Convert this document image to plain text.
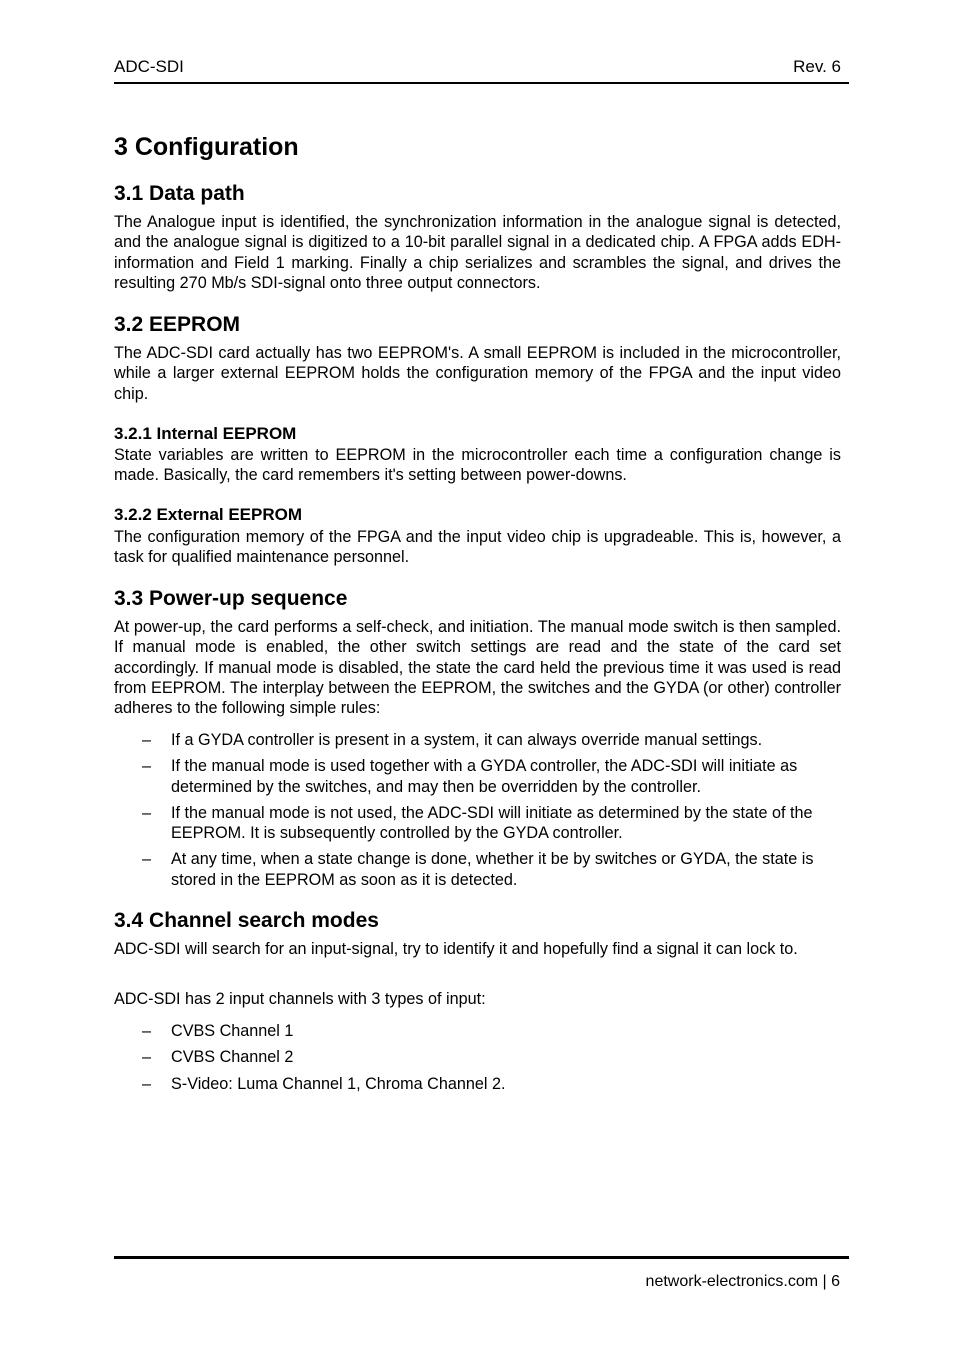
ADC-SDI	Rev. 6
3 Configuration
3.1 Data path

The Analogue input is identified, the synchronization information in the analogue signal is detected, and the analogue signal is digitized to a 10-bit parallel signal in a dedicated chip. A FPGA adds EDH-information and Field 1 marking. Finally a chip serializes and scrambles the signal, and drives the resulting 270 Mb/s SDI-signal onto three output connectors.

3.2 EEPROM

The ADC-SDI card actually has two EEPROM's. A small EEPROM is included in the microcontroller, while a larger external EEPROM holds the configuration memory of the FPGA and the input video chip.

3.2.1 Internal EEPROM

State variables are written to EEPROM in the microcontroller each time a configuration change is made. Basically, the card remembers it's setting between power-downs.

3.2.2 External EEPROM

The configuration memory of the FPGA and the input video chip is upgradeable. This is, however, a task for qualified maintenance personnel.

3.3 Power-up sequence

At power-up, the card performs a self-check, and initiation. The manual mode switch is then sampled. If manual mode is enabled, the other switch settings are read and the state of the card set accordingly. If manual mode is disabled, the state the card held the previous time it was used is read from EEPROM. The interplay between the EEPROM, the switches and the GYDA (or other) controller adheres to the following simple rules:

– If a GYDA controller is present in a system, it can always override manual settings.
– If the manual mode is used together with a GYDA controller, the ADC-SDI will initiate as determined by the switches, and may then be overridden by the controller.
– If the manual mode is not used, the ADC-SDI will initiate as determined by the state of the EEPROM. It is subsequently controlled by the GYDA controller.
– At any time, when a state change is done, whether it be by switches or GYDA, the state is stored in the EEPROM as soon as it is detected.
3.4 Channel search modes

ADC-SDI will search for an input-signal, try to identify it and hopefully find a signal it can lock to.

ADC-SDI has 2 input channels with 3 types of input:

– CVBS Channel 1
– CVBS Channel 2
– S-Video: Luma Channel 1, Chroma Channel 2.
network-electronics.com | 6
